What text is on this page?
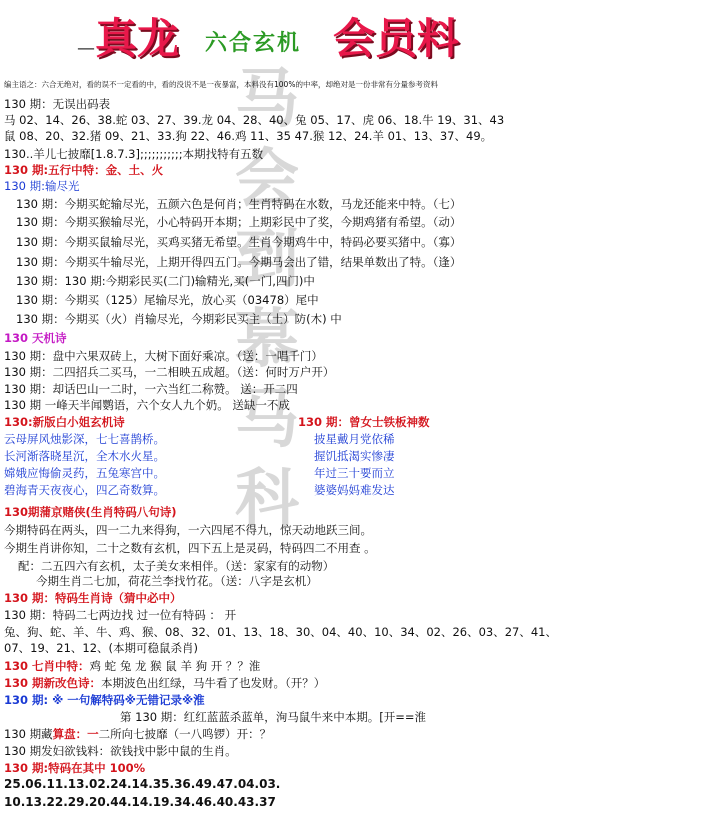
马
会
到
慕
马
科
— 真龙 六合玄机 会员料
编主语之：六合无绝对，看的误不一定看的中，看的没说不是一夜暴富，本料没有100%的中率，却绝对是一份非常有分量参考资料
130 期：无误出码表
马 02、14、26、38.蛇 03、27、39.龙 04、28、40、兔 05、17、虎 06、18.牛 19、31、43
鼠 08、20、32.猪 09、21、33.狗 22、46.鸡 11、35 47.猴 12、24.羊 01、13、37、49。
130..羊儿七披靡[1.8.7.3];;;;;;;;;;;本期找特有五数
130 期:五行中特：金、土、火
130 期:输尽光
130 期：今期买蛇输尽光，五颜六色是何肖；生肖特码在水数，马龙还能来中特。（七）
130 期：今期买猴输尽光，小心特码开本期；上期彩民中了奖，今期鸡猪有希望。（动）
130 期：今期买鼠输尽光，买鸡买猪无希望。生肖今期鸡牛中，特码必要买猪中。（寡）
130 期：今期买牛输尽光，上期开得四五门。今期马会出了错，结果单数出了特。（逢）
130 期：130 期:今期彩民买(二门)输精光,买(一门,四门)中
130 期：今期买（125）尾输尽光，放心买（03478）尾中
130 期：今期买（火）肖输尽光，今期彩民买主（土）防(木) 中
130 天机诗
130 期：盘中六果双砖上，大树下面好乘凉。（送：一唱千门）
130 期：二四招兵二买马，一二相映五成超。（送：何时万户开）
130 期：却话巴山一二时，一六当红二称赞。 送：开二四
130 期 一峰天半闻鹦语，六个女人九个奶。 送缺一不成
130:新版白小姐玄机诗
云母屏风烛影深，七七喜鹊桥。
长河渐落晓星沉，全木水火星。
嫦娥应悔偷灵药，五兔寒宫中。
碧海青天夜夜心，四乙奇数算。
130 期：曾女士铁板神数
披星戴月党依稀
握饥抵渴实惨凄
年过三十要而立
婆婆妈妈难发达
130期蒲京赌侠(生肖特码八句诗)
今期特码在两头，四一二九来得狗，一六四尾不得九，惊天动地跃三间。
今期生肖讲你知，二十之数有玄机，四下五上是灵码，特码四二不用查 。
配：二五四六有玄机，太子美女来相伴。（送：家家有的动物）
今期生肖二七加，荷花兰李找竹花。（送：八字是玄机）
130 期：特码生肖诗（猜中必中）
130 期：特码二七两边找 过一位有特码 ： 开
兔、狗、蛇、羊、牛、鸡、猴、08、32、01、13、18、30、04、40、10、34、02、26、03、27、41、
07、19、21、12、(本期可稳鼠杀肖)
130 七肖中特：鸡 蛇 兔 龙 猴 鼠 羊 狗 开 ？？淮
130 期新改色诗：本期波色出红绿，马牛看了也发财。（开？）
130 期: ※ 一句解特码※无错记录※淮
第 130 期：红红蓝蓝杀蓝单，洵马鼠牛来中本期。[开==淮
130 期藏算盘：一二所向七披靡（一八鸣锣）开：？
130 期发妇欲钱料：欲钱找中影中鼠的生肖。
130 期:特码在其中 100%
25.06.11.13.02.24.14.35.36.49.47.04.03.
10.13.22.29.20.44.14.19.34.46.40.43.37
